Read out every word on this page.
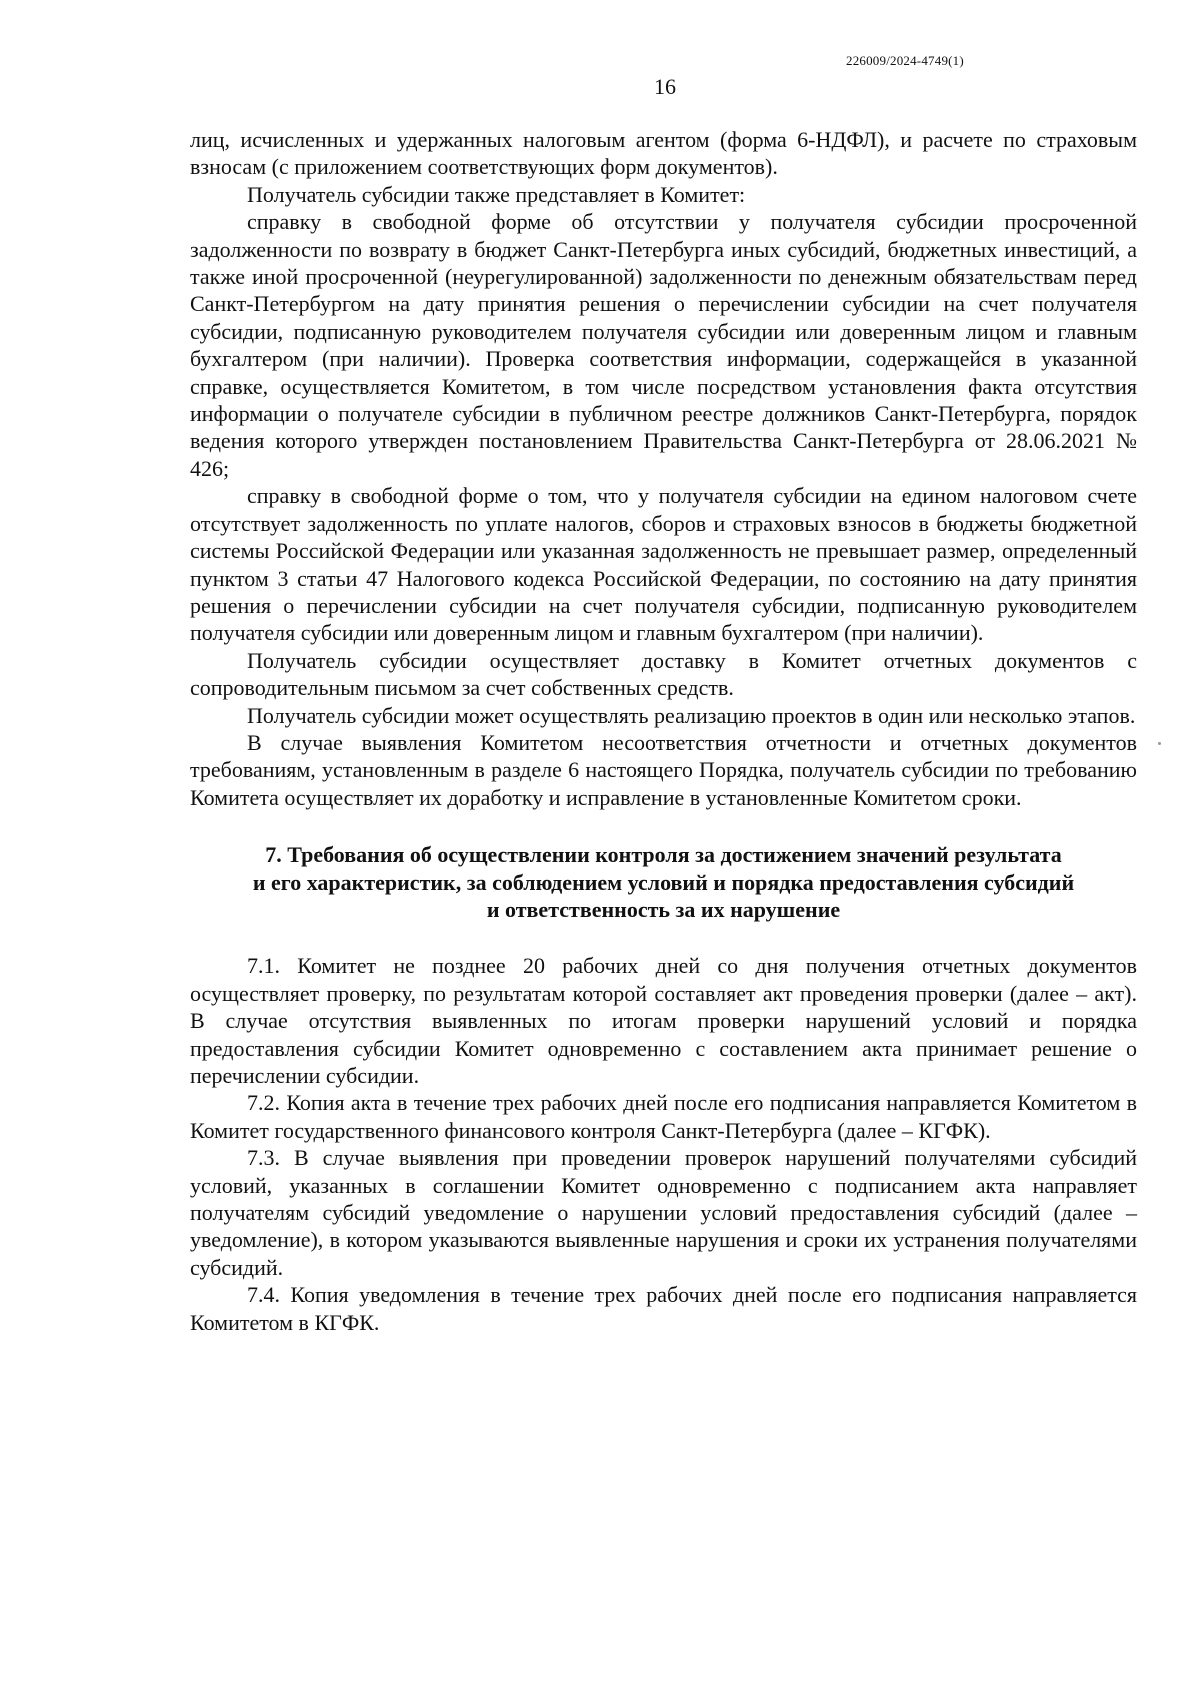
226009/2024-4749(1)
16

лиц, исчисленных и удержанных налоговым агентом (форма 6-НДФЛ), и расчете по страховым взносам (с приложением соответствующих форм документов).

Получатель субсидии также представляет в Комитет:

справку в свободной форме об отсутствии у получателя субсидии просроченной задолженности по возврату в бюджет Санкт-Петербурга иных субсидий, бюджетных инвестиций, а также иной просроченной (неурегулированной) задолженности по денежным обязательствам перед Санкт-Петербургом на дату принятия решения о перечислении субсидии на счет получателя субсидии, подписанную руководителем получателя субсидии или доверенным лицом и главным бухгалтером (при наличии). Проверка соответствия информации, содержащейся в указанной справке, осуществляется Комитетом, в том числе посредством установления факта отсутствия информации о получателе субсидии в публичном реестре должников Санкт-Петербурга, порядок ведения которого утвержден постановлением Правительства Санкт-Петербурга от 28.06.2021 № 426;

справку в свободной форме о том, что у получателя субсидии на едином налоговом счете отсутствует задолженность по уплате налогов, сборов и страховых взносов в бюджеты бюджетной системы Российской Федерации или указанная задолженность не превышает размер, определенный пунктом 3 статьи 47 Налогового кодекса Российской Федерации, по состоянию на дату принятия решения о перечислении субсидии на счет получателя субсидии, подписанную руководителем получателя субсидии или доверенным лицом и главным бухгалтером (при наличии).

Получатель субсидии осуществляет доставку в Комитет отчетных документов с сопроводительным письмом за счет собственных средств.

Получатель субсидии может осуществлять реализацию проектов в один или несколько этапов.

В случае выявления Комитетом несоответствия отчетности и отчетных документов требованиям, установленным в разделе 6 настоящего Порядка, получатель субсидии по требованию Комитета осуществляет их доработку и исправление в установленные Комитетом сроки.

7. Требования об осуществлении контроля за достижением значений результата
и его характеристик, за соблюдением условий и порядка предоставления субсидий
и ответственность за их нарушение

7.1. Комитет не позднее 20 рабочих дней со дня получения отчетных документов осуществляет проверку, по результатам которой составляет акт проведения проверки (далее – акт). В случае отсутствия выявленных по итогам проверки нарушений условий и порядка предоставления субсидии Комитет одновременно с составлением акта принимает решение о перечислении субсидии.

7.2. Копия акта в течение трех рабочих дней после его подписания направляется Комитетом в Комитет государственного финансового контроля Санкт-Петербурга (далее – КГФК).

7.3. В случае выявления при проведении проверок нарушений получателями субсидий условий, указанных в соглашении Комитет одновременно с подписанием акта направляет получателям субсидий уведомление о нарушении условий предоставления субсидий (далее – уведомление), в котором указываются выявленные нарушения и сроки их устранения получателями субсидий.

7.4. Копия уведомления в течение трех рабочих дней после его подписания направляется Комитетом в КГФК.
